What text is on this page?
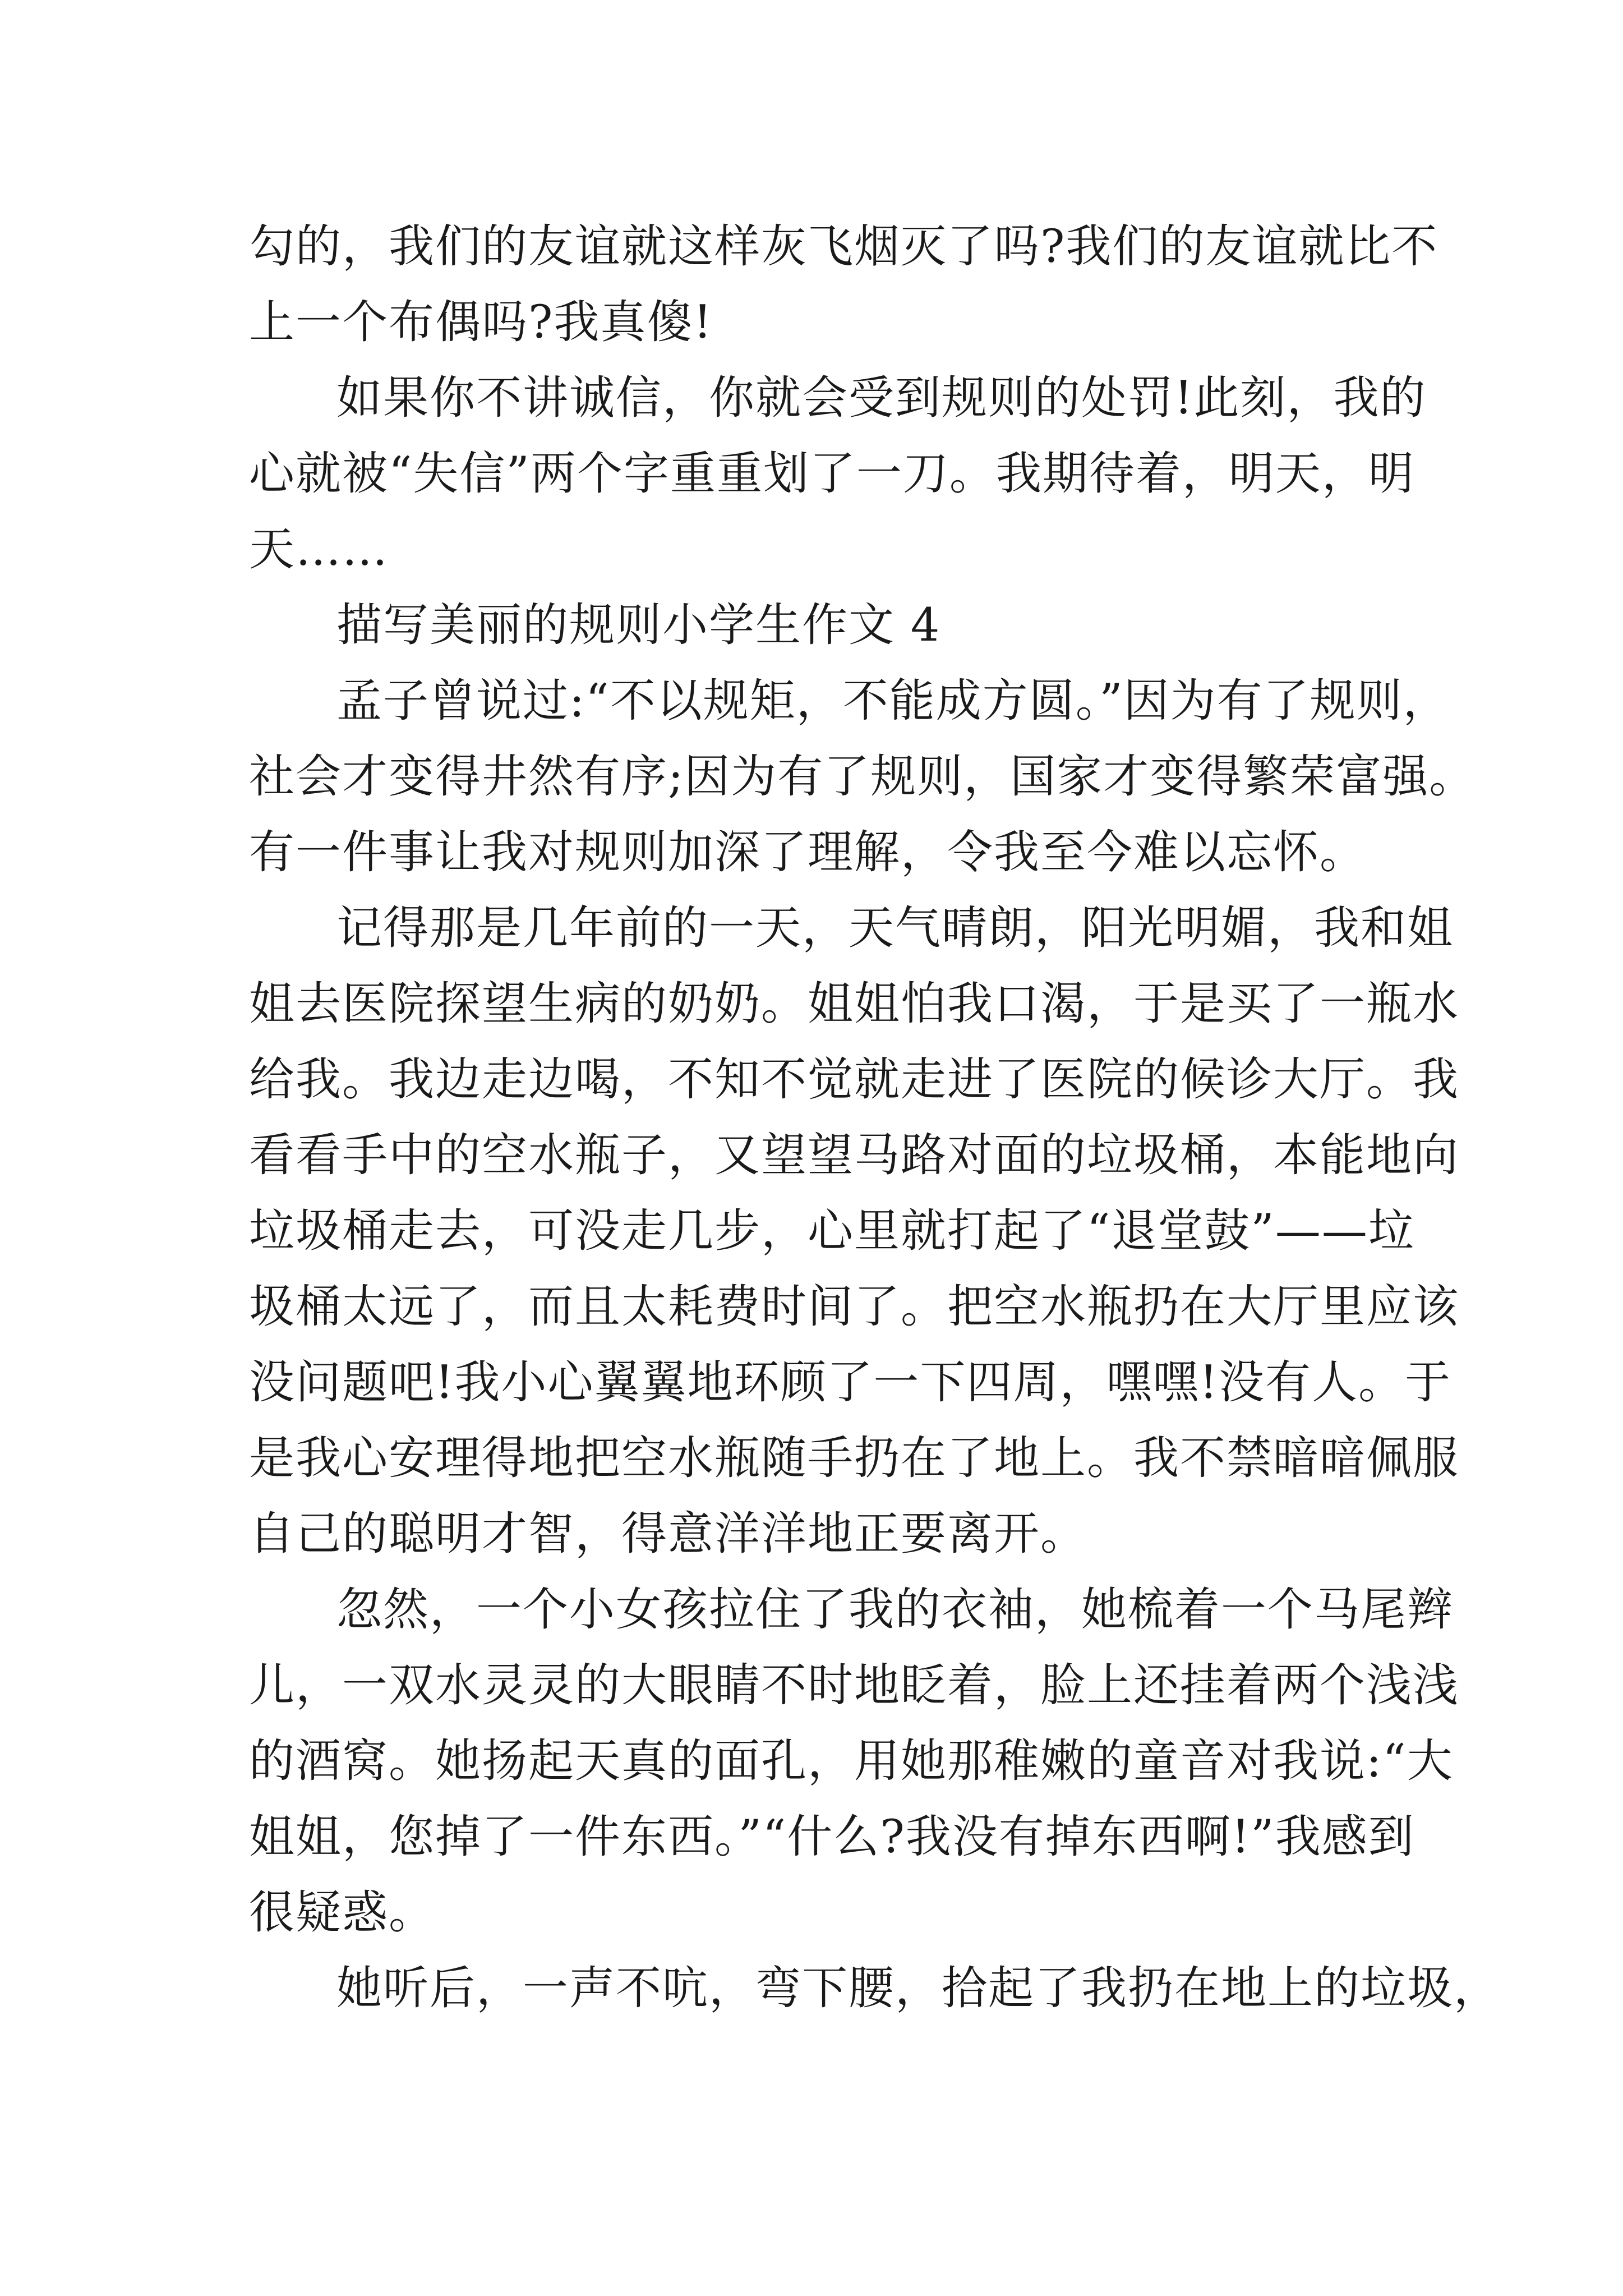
勾的，我们的友谊就这样灰飞烟灭了吗?我们的友谊就比不
上一个布偶吗?我真傻!
如果你不讲诚信，你就会受到规则的处罚!此刻，我的
心就被“失信”两个字重重划了一刀。我期待着，明天，明
天……
描写美丽的规则小学生作文 4
孟子曾说过:“不以规矩，不能成方圆。”因为有了规则，
社会才变得井然有序;因为有了规则，国家才变得繁荣富强。
有一件事让我对规则加深了理解，令我至今难以忘怀。
记得那是几年前的一天，天气晴朗，阳光明媚，我和姐
姐去医院探望生病的奶奶。姐姐怕我口渴，于是买了一瓶水
给我。我边走边喝，不知不觉就走进了医院的候诊大厅。我
看看手中的空水瓶子，又望望马路对面的垃圾桶，本能地向
垃圾桶走去，可没走几步，心里就打起了“退堂鼓”——垃
圾桶太远了，而且太耗费时间了。把空水瓶扔在大厅里应该
没问题吧!我小心翼翼地环顾了一下四周，嘿嘿!没有人。于
是我心安理得地把空水瓶随手扔在了地上。我不禁暗暗佩服
自己的聪明才智，得意洋洋地正要离开。
忽然，一个小女孩拉住了我的衣袖，她梳着一个马尾辫
儿，一双水灵灵的大眼睛不时地眨着，脸上还挂着两个浅浅
的酒窝。她扬起天真的面孔，用她那稚嫩的童音对我说:“大
姐姐，您掉了一件东西。”“什么?我没有掉东西啊!”我感到
很疑惑。
她听后，一声不吭，弯下腰，拾起了我扔在地上的垃圾，
